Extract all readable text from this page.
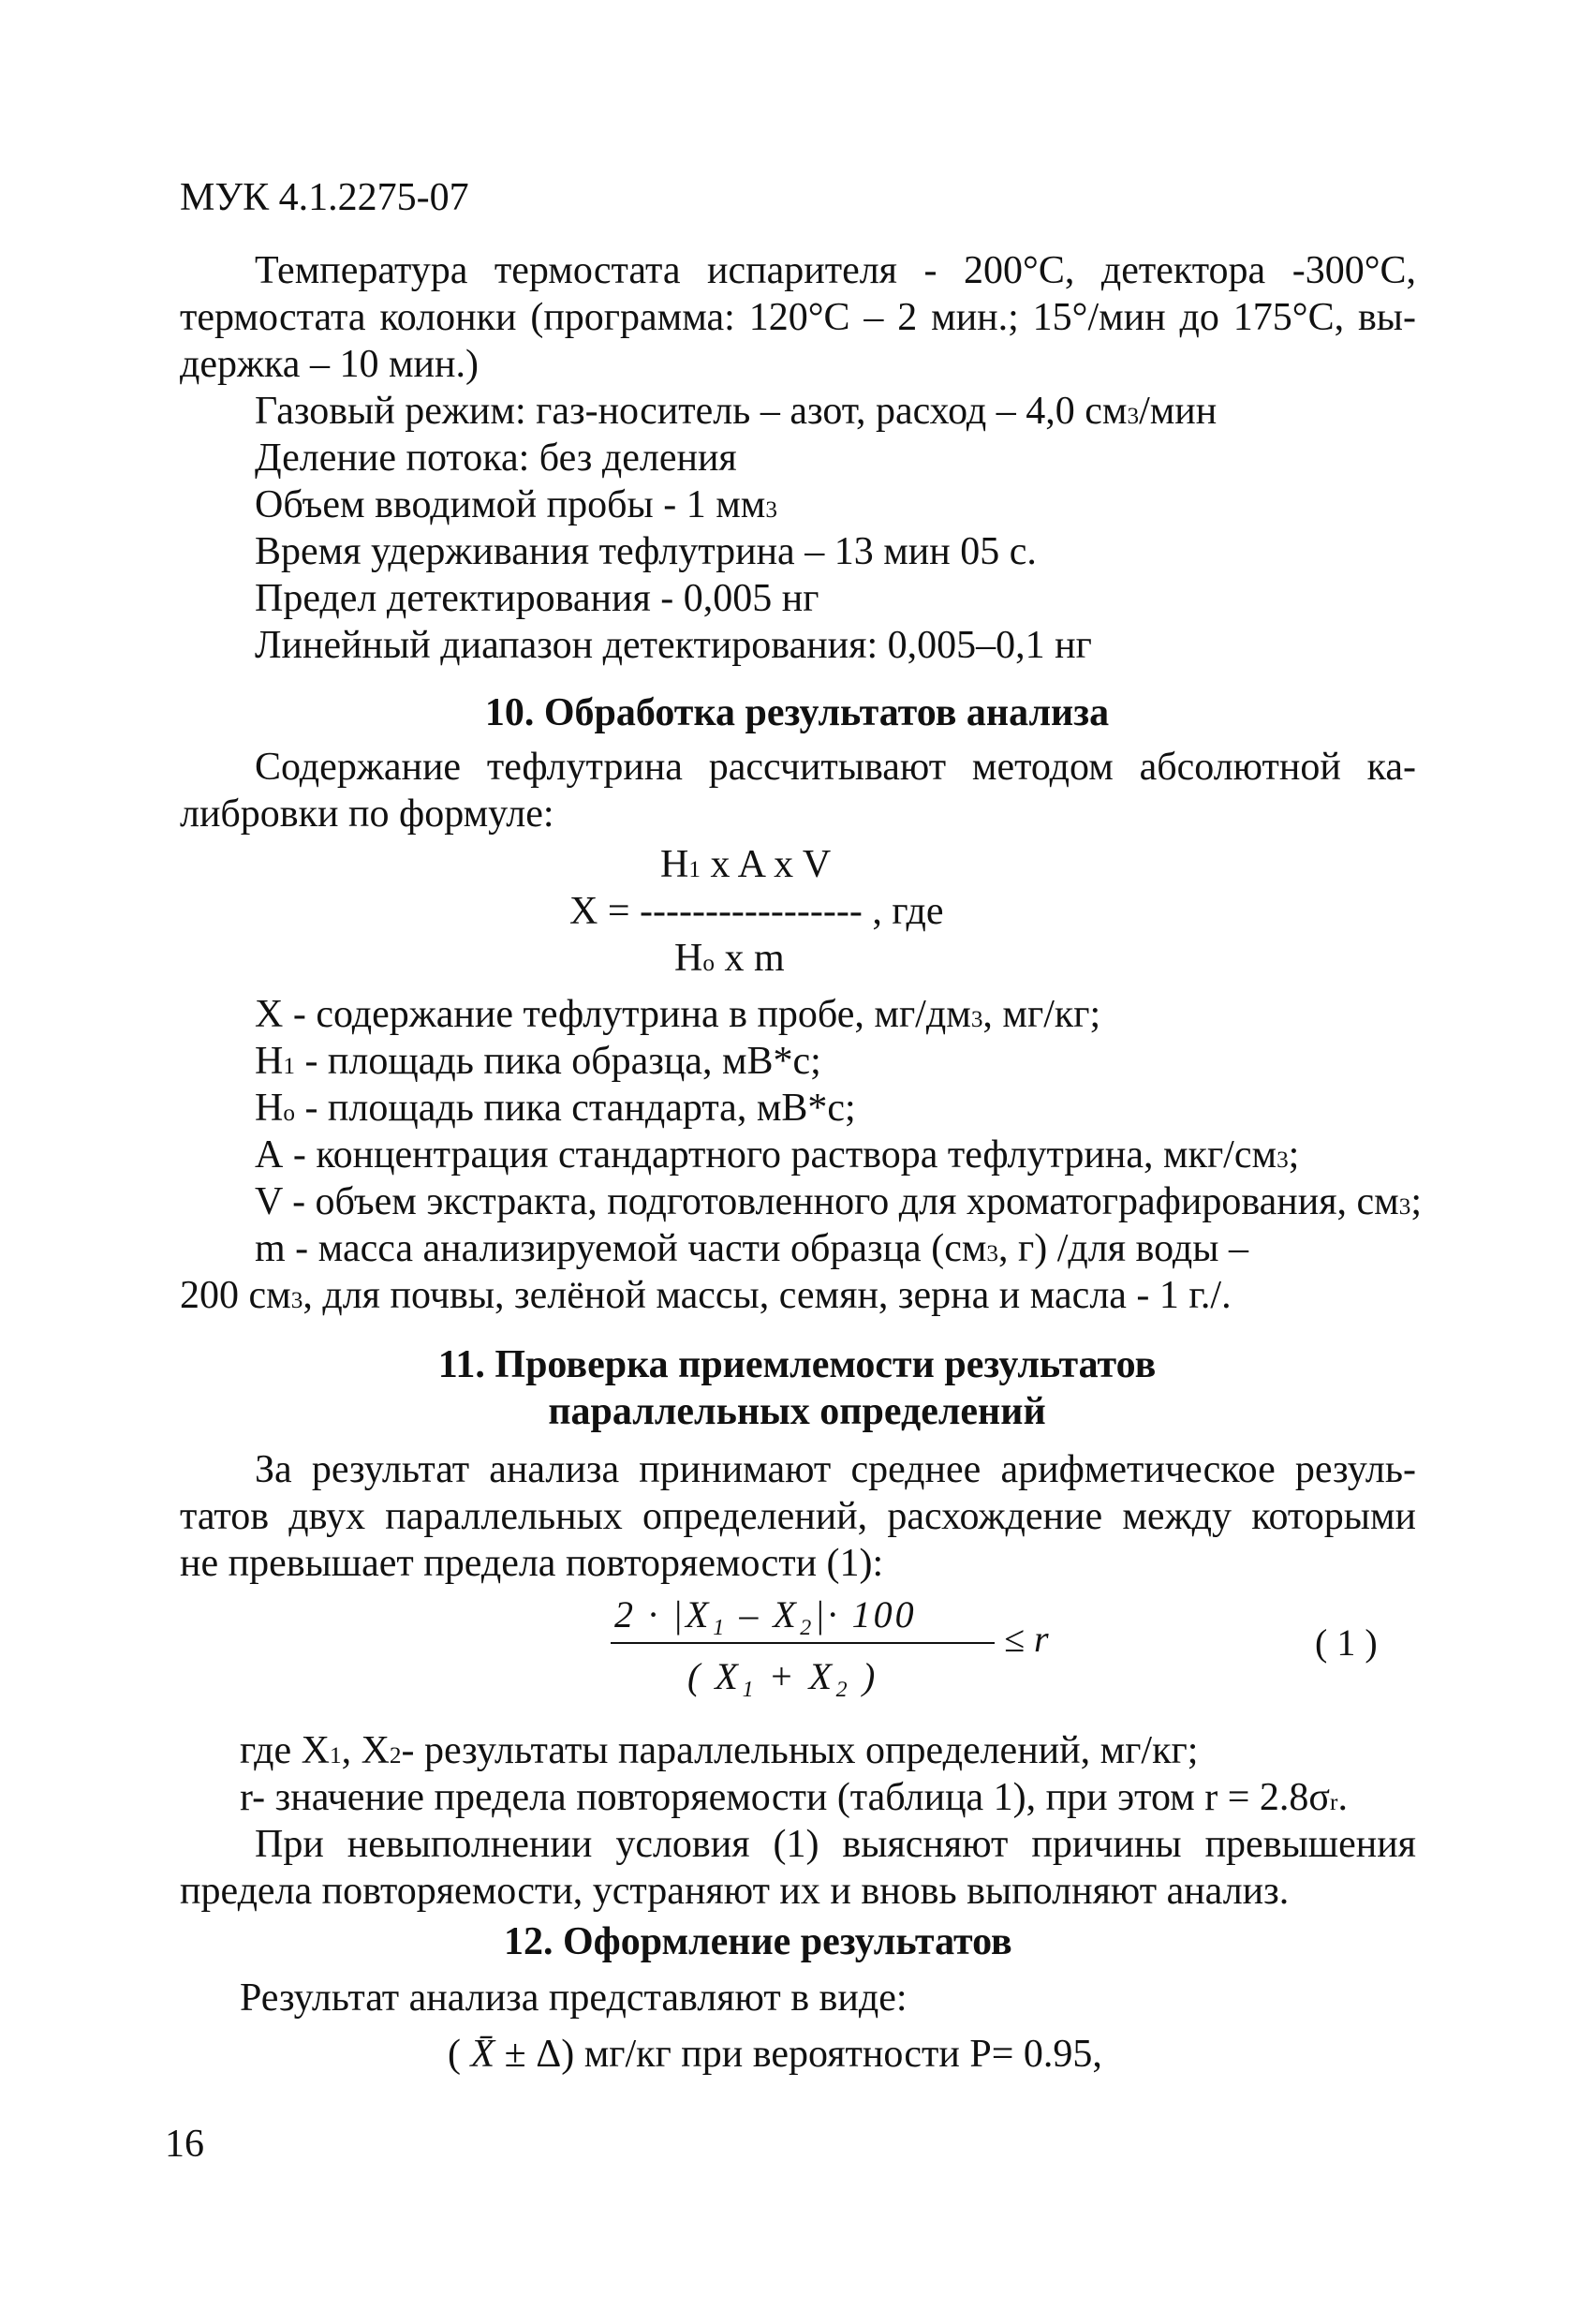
МУК 4.1.2275-07
Температура термостата испарителя - 200°С, детектора -300°С,
термостата колонки (программа: 120°С – 2 мин.; 15°/мин до 175°С, вы-
держка – 10 мин.)
Газовый режим: газ-носитель – азот, расход – 4,0 $см^3$/мин
Деление потока: без деления
Объем вводимой пробы - 1 $мм^3$
Время удерживания тефлутрина – 13 мин 05 с.
Предел детектирования - 0,005 нг
Линейный диапазон детектирования: 0,005–0,1 нг
10. Обработка результатов анализа
Содержание тефлутрина рассчитывают методом абсолютной ка-
либровки по формуле:
$H_1$ x A x V
X = ----------------- , где
$H_o$ x m
X - содержание тефлутрина в пробе, $мг/дм^3$, мг/кг;
$H_1$ - площадь пика образца, мВ*с;
$H_o$ - площадь пика стандарта, мВ*с;
А - концентрация стандартного раствора тефлутрина, мкг/$см^3$;
V - объем экстракта, подготовленного для хроматографирования, $см^3$;
m - масса анализируемой части образца ($см^3$, г) /для воды –
200 $см^3$, для почвы, зелёной массы, семян, зерна и масла - 1 г./.
11. Проверка приемлемости результатов
параллельных определений
За результат анализа принимают среднее арифметическое резуль-
татов двух параллельных определений, расхождение между которыми
не превышает предела повторяемости (1):
2 · |X₁ – X₂|· 100
≤ r
( X₁ + X₂ )
( 1 )
где $X_1$, $X_2-$ результаты параллельных определений, мг/кг;
r- значение предела повторяемости (таблица 1), при этом $r = 2.8\sigma_r$.
При невыполнении условия (1) выясняют причины превышения
предела повторяемости, устраняют их и вновь выполняют анализ.
12. Оформление результатов
Результат анализа представляют в виде:
( X̄ ± Δ) мг/кг при вероятности P= 0.95,
16
